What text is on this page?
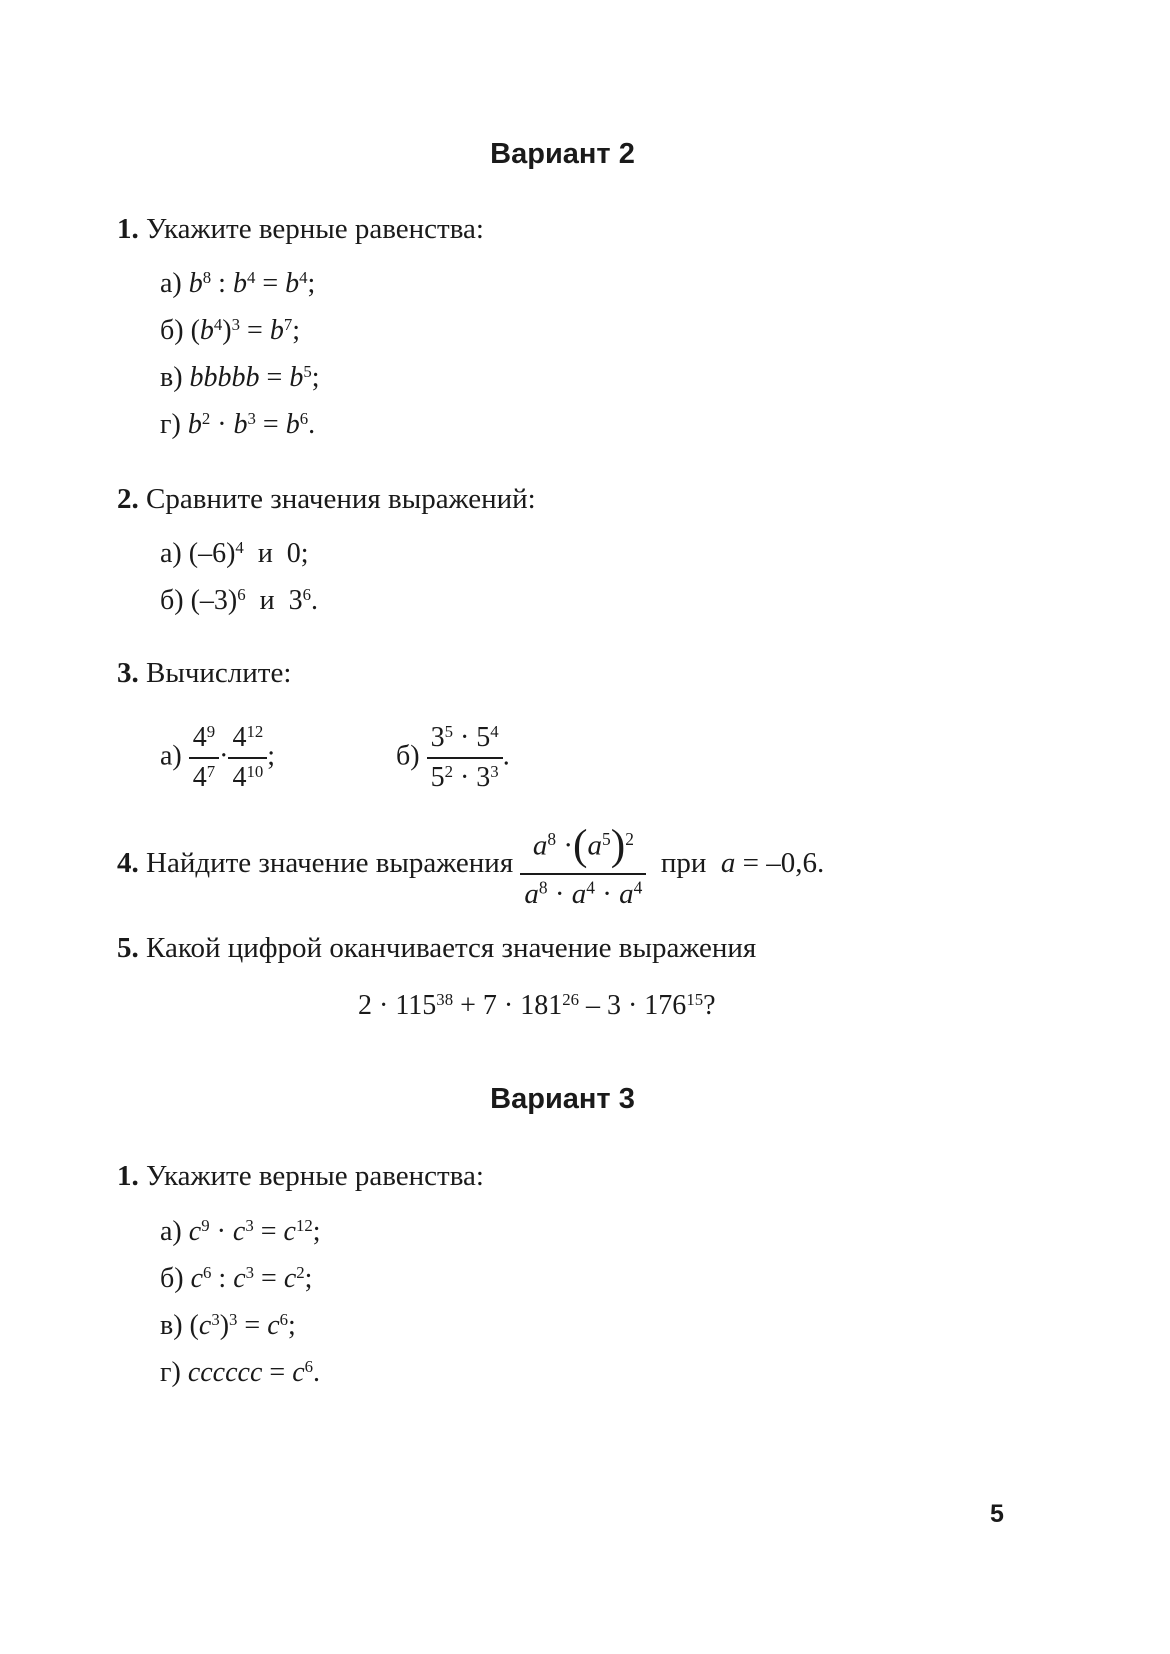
Вариант 2
1. Укажите верные равенства:
а) $b^8$ : $b^4 = b^4$;
б) $(b^4)^3 = b^7$;
в) bbbbb = $b^5$;
г) $b^2 \cdot b^3 = b^6$.
2. Сравните значения выражений:
а) $(-6)^4$ и  0;
б) $(-3)^6$ и  $3^6$.
3. Вычислите:
$а) \frac{4^9}{4^7} \cdot \frac{4^{12}}{4^{10}}$ ;	$б) \frac{3^5 \cdot 5^4}{5^2 \cdot 3^3}$ .
4. Найдите значение выражения $\frac{a^8 \cdot(a^5)^2}{a^8 \cdot a^4 \cdot a^4}$ при a = –0,6.
5. Какой цифрой оканчивается значение выражения
$2 \cdot 115^{38} + 7 \cdot 181^{26} - 3 \cdot 176^{15}$?
Вариант 3
1. Укажите верные равенства:
а) $c^9 \cdot c^3 = c^{12}$;
б) $c^6$ : $c^3 = c^2$;
в) $(c^3)^3 = c^6$;
г) cccccc = $c^6$.
5
